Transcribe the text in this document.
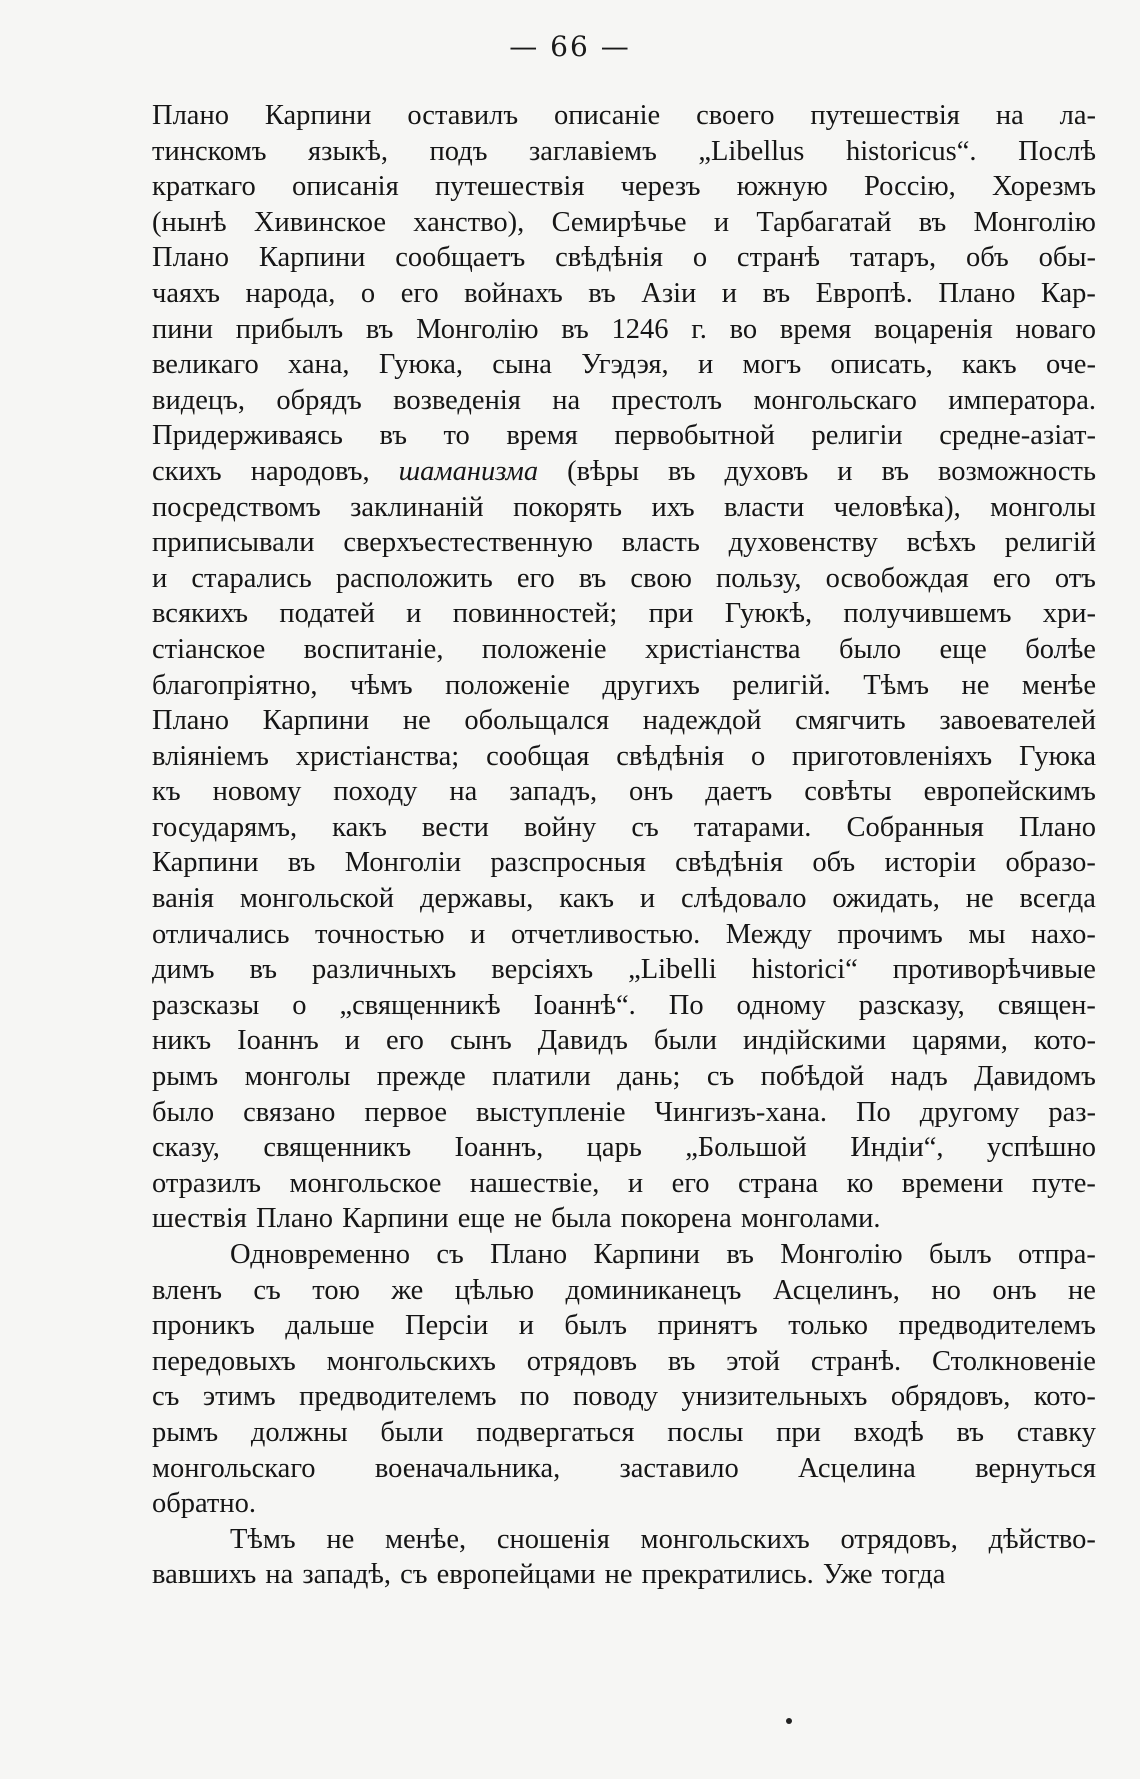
— 66 —
Плано Карпини оставилъ описаніе своего путешествія на ла-
тинскомъ языкѣ, подъ заглавіемъ „Libellus historicus“. Послѣ
краткаго описанія путешествія черезъ южную Россію, Хорезмъ
(нынѣ Хивинское ханство), Семирѣчье и Тарбагатай въ Монголію
Плано Карпини сообщаетъ свѣдѣнія о странѣ татаръ, объ обы-
чаяхъ народа, о его войнахъ въ Азіи и въ Европѣ. Плано Кар-
пини прибылъ въ Монголію въ 1246 г. во время воцаренія новаго
великаго хана, Гуюка, сына Угэдэя, и могъ описать, какъ оче-
видецъ, обрядъ возведенія на престолъ монгольскаго императора.
Придерживаясь въ то время первобытной религіи средне-азіат-
скихъ народовъ, шаманизма (вѣры въ духовъ и въ возможность
посредствомъ заклинаній покорять ихъ власти человѣка), монголы
приписывали сверхъестественную власть духовенству всѣхъ религій
и старались расположить его въ свою пользу, освобождая его отъ
всякихъ податей и повинностей; при Гуюкѣ, получившемъ хри-
стіанское воспитаніе, положеніе христіанства было еще болѣе
благопріятно, чѣмъ положеніе другихъ религій. Тѣмъ не менѣе
Плано Карпини не обольщался надеждой смягчить завоевателей
вліяніемъ христіанства; сообщая свѣдѣнія о приготовленіяхъ Гуюка
къ новому походу на западъ, онъ даетъ совѣты европейскимъ
государямъ, какъ вести войну съ татарами. Собранныя Плано
Карпини въ Монголіи разспросныя свѣдѣнія объ исторіи образо-
ванія монгольской державы, какъ и слѣдовало ожидать, не всегда
отличались точностью и отчетливостью. Между прочимъ мы нахо-
димъ въ различныхъ версіяхъ „Libelli historici“ противорѣчивые
разсказы о „священникѣ Іоаннѣ“. По одному разсказу, священ-
никъ Іоаннъ и его сынъ Давидъ были индійскими царями, кото-
рымъ монголы прежде платили дань; съ побѣдой надъ Давидомъ
было связано первое выступленіе Чингизъ-хана. По другому раз-
сказу, священникъ Іоаннъ, царь „Большой Индіи“, успѣшно
отразилъ монгольское нашествіе, и его страна ко времени путе-
шествія Плано Карпини еще не была покорена монголами.
Одновременно съ Плано Карпини въ Монголію былъ отпра-
вленъ съ тою же цѣлью доминиканецъ Асцелинъ, но онъ не
проникъ дальше Персіи и былъ принятъ только предводителемъ
передовыхъ монгольскихъ отрядовъ въ этой странѣ. Столкновеніе
съ этимъ предводителемъ по поводу унизительныхъ обрядовъ, кото-
рымъ должны были подвергаться послы при входѣ въ ставку
монгольскаго военачальника, заставило Асцелина вернуться
обратно.
Тѣмъ не менѣе, сношенія монгольскихъ отрядовъ, дѣйство-
вавшихъ на западѣ, съ европейцами не прекратились. Уже тогда
